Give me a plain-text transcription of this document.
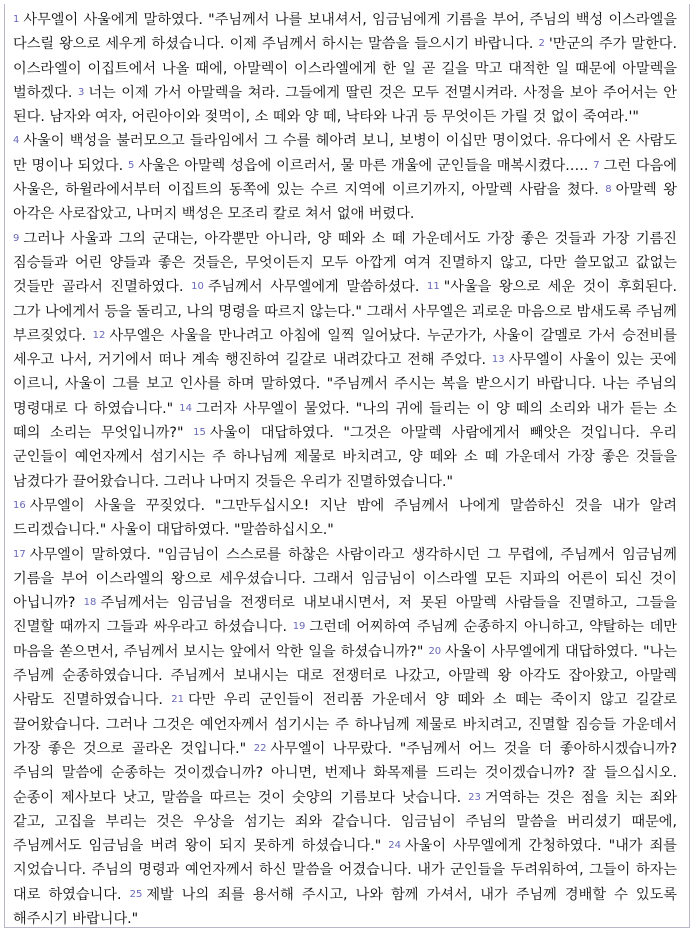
1 사무엘이 사울에게 말하였다. "주님께서 나를 보내셔서, 임금님에게 기름을 부어, 주님의 백성 이스라엘을 다스릴 왕으로 세우게 하셨습니다. 이제 주님께서 하시는 말씀을 들으시기 바랍니다. 2 '만군의 주가 말한다. 이스라엘이 이집트에서 나올 때에, 아말렉이 이스라엘에게 한 일 곧 길을 막고 대적한 일 때문에 아말렉을 벌하겠다. 3 너는 이제 가서 아말렉을 쳐라. 그들에게 딸린 것은 모두 전멸시켜라. 사정을 보아 주어서는 안 된다. 남자와 여자, 어린아이와 젖먹이, 소 떼와 양 떼, 낙타와 나귀 등 무엇이든 가릴 것 없이 죽여라.'"

4 사울이 백성을 불러모으고 들라임에서 그 수를 헤아려 보니, 보병이 이십만 명이었다. 유다에서 온 사람도 만 명이나 되었다. 5 사울은 아말렉 성읍에 이르러서, 물 마른 개울에 군인들을 매복시켰다.…. 7 그런 다음에 사울은, 하윌라에서부터 이집트의 동쪽에 있는 수르 지역에 이르기까지, 아말렉 사람을 쳤다. 8 아말렉 왕 아각은 사로잡았고, 나머지 백성은 모조리 칼로 쳐서 없애 버렸다.

9 그러나 사울과 그의 군대는, 아각뿐만 아니라, 양 떼와 소 떼 가운데서도 가장 좋은 것들과 가장 기름진 짐승들과 어린 양들과 좋은 것들은, 무엇이든지 모두 아깝게 여겨 진멸하지 않고, 다만 쓸모없고 값없는 것들만 골라서 진멸하였다. 10 주님께서 사무엘에게 말씀하셨다. 11 "사울을 왕으로 세운 것이 후회된다. 그가 나에게서 등을 돌리고, 나의 명령을 따르지 않는다." 그래서 사무엘은 괴로운 마음으로 밤새도록 주님께 부르짖었다. 12 사무엘은 사울을 만나려고 아침에 일찍 일어났다. 누군가가, 사울이 갈멜로 가서 승전비를 세우고 나서, 거기에서 떠나 계속 행진하여 길갈로 내려갔다고 전해 주었다. 13 사무엘이 사울이 있는 곳에 이르니, 사울이 그를 보고 인사를 하며 말하였다. "주님께서 주시는 복을 받으시기 바랍니다. 나는 주님의 명령대로 다 하였습니다." 14 그러자 사무엘이 물었다. "나의 귀에 들리는 이 양 떼의 소리와 내가 듣는 소 떼의 소리는 무엇입니까?" 15 사울이 대답하였다. "그것은 아말렉 사람에게서 빼앗은 것입니다. 우리 군인들이 예언자께서 섬기시는 주 하나님께 제물로 바치려고, 양 떼와 소 떼 가운데서 가장 좋은 것들을 남겼다가 끌어왔습니다. 그러나 나머지 것들은 우리가 진멸하였습니다."

16 사무엘이 사울을 꾸짖었다. "그만두십시오! 지난 밤에 주님께서 나에게 말씀하신 것을 내가 알려 드리겠습니다." 사울이 대답하였다. "말씀하십시오."

17 사무엘이 말하였다. "임금님이 스스로를 하찮은 사람이라고 생각하시던 그 무렵에, 주님께서 임금님께 기름을 부어 이스라엘의 왕으로 세우셨습니다. 그래서 임금님이 이스라엘 모든 지파의 어른이 되신 것이 아닙니까? 18 주님께서는 임금님을 전쟁터로 내보내시면서, 저 못된 아말렉 사람들을 진멸하고, 그들을 진멸할 때까지 그들과 싸우라고 하셨습니다. 19 그런데 어찌하여 주님께 순종하지 아니하고, 약탈하는 데만 마음을 쏟으면서, 주님께서 보시는 앞에서 악한 일을 하셨습니까?" 20 사울이 사무엘에게 대답하였다. "나는 주님께 순종하였습니다. 주님께서 보내시는 대로 전쟁터로 나갔고, 아말렉 왕 아각도 잡아왔고, 아말렉 사람도 진멸하였습니다. 21 다만 우리 군인들이 전리품 가운데서 양 떼와 소 떼는 죽이지 않고 길갈로 끌어왔습니다. 그러나 그것은 예언자께서 섬기시는 주 하나님께 제물로 바치려고, 진멸할 짐승들 가운데서 가장 좋은 것으로 골라온 것입니다." 22 사무엘이 나무랐다. "주님께서 어느 것을 더 좋아하시겠습니까? 주님의 말씀에 순종하는 것이겠습니까? 아니면, 번제나 화목제를 드리는 것이겠습니까? 잘 들으십시오. 순종이 제사보다 낫고, 말씀을 따르는 것이 숫양의 기름보다 낫습니다. 23 거역하는 것은 점을 치는 죄와 같고, 고집을 부리는 것은 우상을 섬기는 죄와 같습니다. 임금님이 주님의 말씀을 버리셨기 때문에, 주님께서도 임금님을 버려 왕이 되지 못하게 하셨습니다." 24 사울이 사무엘에게 간청하였다. "내가 죄를 지었습니다. 주님의 명령과 예언자께서 하신 말씀을 어겼습니다. 내가 군인들을 두려워하여, 그들이 하자는 대로 하였습니다. 25 제발 나의 죄를 용서해 주시고, 나와 함께 가셔서, 내가 주님께 경배할 수 있도록 해주시기 바랍니다."
